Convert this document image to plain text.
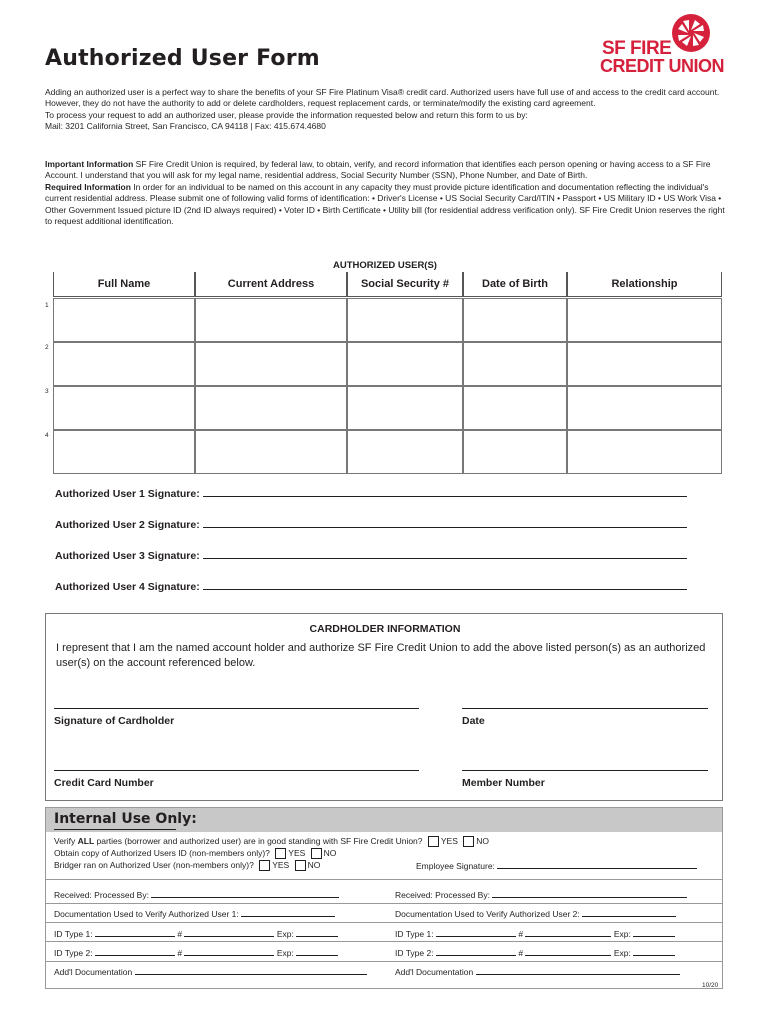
Authorized User Form	SF FIRE
CREDIT UNION

Adding an authorized user is a perfect way to share the benefits of your SF Fire Platinum Visa® credit card. Authorized users have full use of and access to the credit card account. However, they do not have the authority to add or delete cardholders, request replacement cards, or terminate/modify the existing card agreement.

To process your request to add an authorized user, please provide the information requested below and return this form to us by:

Mail: 3201 California Street, San Francisco, CA 94118 | Fax: 415.674.4680

Important Information SF Fire Credit Union is required, by federal law, to obtain, verify, and record information that identifies each person opening or having access to a SF Fire Account. I understand that you will ask for my legal name, residential address, Social Security Number (SSN), Phone Number, and Date of Birth.

Required Information In order for an individual to be named on this account in any capacity they must provide picture identification and documentation reflecting the individual's current residential address. Please submit one of following valid forms of identification: • Driver's License • US Social Security Card/ITIN • Passport • US Military ID • US Work Visa • Other Government Issued picture ID (2nd ID always required) • Voter ID • Birth Certificate • Utility bill (for residential address verification only). SF Fire Credit Union reserves the right to request additional identification.

AUTHORIZED USER(S)
Full Name	Current Address	Social Security #	Date of Birth	Relationship
1
2
3
4
Authorized User 1 Signature:
Authorized User 2 Signature:
Authorized User 3 Signature:
Authorized User 4 Signature:
CARDHOLDER INFORMATION
I represent that I am the named account holder and authorize SF Fire Credit Union to add the above listed person(s) as an authorized user(s) on the account referenced below.
Signature of Cardholder	Date
Credit Card Number	Member Number
Internal Use Only:
Verify ALL parties (borrower and authorized user) are in good standing with SF Fire Credit Union? YES NO
Obtain copy of Authorized Users ID (non-members only)? YES NO
Bridger ran on Authorized User (non-members only)? YES NO	Employee Signature:
Received: Processed By:	Received: Processed By:
Documentation Used to Verify Authorized User 1:	Documentation Used to Verify Authorized User 2:
ID Type 1:	#	Exp:	ID Type 1:	#	Exp:
ID Type 2:	#	Exp:	ID Type 2:	#	Exp:
Add'l Documentation	Add'l Documentation
10/20
